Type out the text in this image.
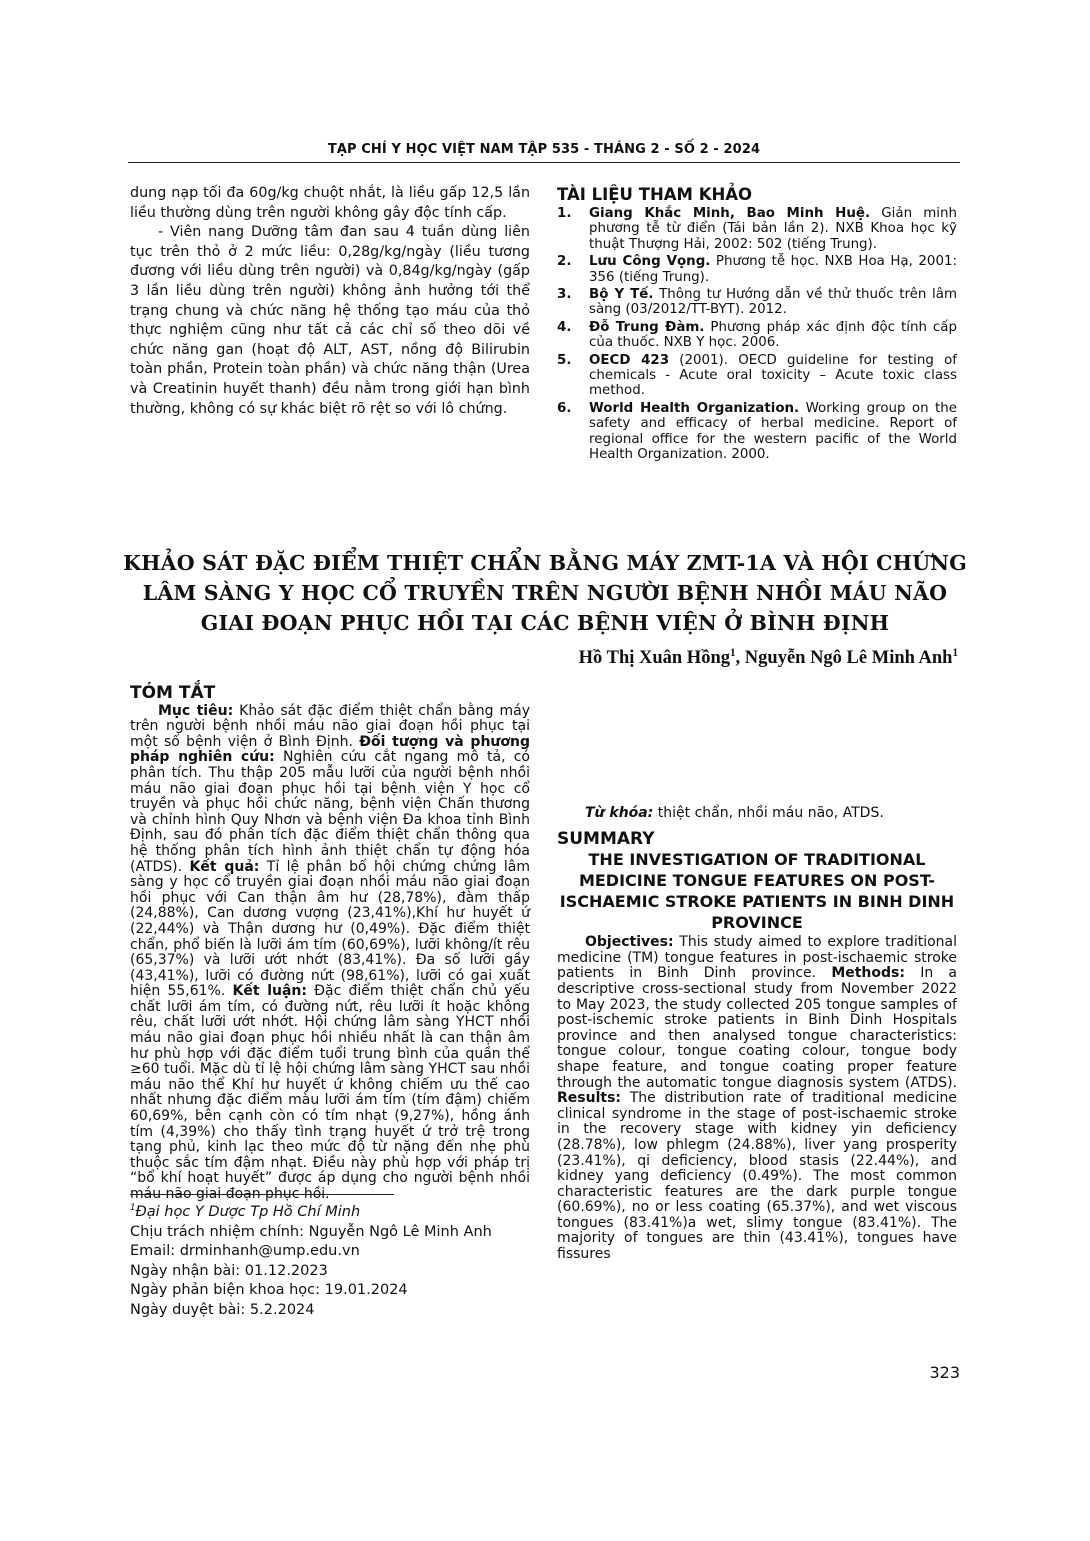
TẠP CHÍ Y HỌC VIỆT NAM TẬP 535 - THÁNG 2 - SỐ 2 - 2024

dung nạp tối đa 60g/kg chuột nhắt, là liều gấp 12,5 lần liều thường dùng trên người không gây độc tính cấp.

- Viên nang Dưỡng tâm đan sau 4 tuần dùng liên tục trên thỏ ở 2 mức liều: 0,28g/kg/ngày (liều tương đương với liều dùng trên người) và 0,84g/kg/ngày (gấp 3 lần liều dùng trên người) không ảnh hưởng tới thể trạng chung và chức năng hệ thống tạo máu của thỏ thực nghiệm cũng như tất cả các chỉ số theo dõi về chức năng gan (hoạt độ ALT, AST, nồng độ Bilirubin toàn phần, Protein toàn phần) và chức năng thận (Urea và Creatinin huyết thanh) đều nằm trong giới hạn bình thường, không có sự khác biệt rõ rệt so với lô chứng.

TÀI LIỆU THAM KHẢO
1.	Giang Khắc Minh, Bao Minh Huệ. Giản minh phương tễ từ điển (Tái bản lần 2). NXB Khoa học kỹ thuật Thượng Hải, 2002: 502 (tiếng Trung).
2.	Lưu Công Vọng. Phương tễ học. NXB Hoa Hạ, 2001: 356 (tiếng Trung).
3.	Bộ Y Tế. Thông tư Hướng dẫn về thử thuốc trên lâm sàng (03/2012/TT-BYT). 2012.
4.	Đỗ Trung Đàm. Phương pháp xác định độc tính cấp của thuốc. NXB Y học. 2006.
5.	OECD 423 (2001). OECD guideline for testing of chemicals - Acute oral toxicity – Acute toxic class method.
6.	World Health Organization. Working group on the safety and efficacy of herbal medicine. Report of regional office for the western pacific of the World Health Organization. 2000.
KHẢO SÁT ĐẶC ĐIỂM THIỆT CHẨN BẰNG MÁY ZMT-1A VÀ HỘI CHỨNG
LÂM SÀNG Y HỌC CỔ TRUYỀN TRÊN NGƯỜI BỆNH NHỒI MÁU NÃO
GIAI ĐOẠN PHỤC HỒI TẠI CÁC BỆNH VIỆN Ở BÌNH ĐỊNH
Hồ Thị Xuân Hồng$^1$, Nguyễn Ngô Lê Minh Anh$^1$
TÓM TẮT

Mục tiêu: Khảo sát đặc điểm thiệt chẩn bằng máy trên người bệnh nhồi máu não giai đoạn hồi phục tại một số bệnh viện ở Bình Định. Đối tượng và phương pháp nghiên cứu: Nghiên cứu cắt ngang mô tả, có phân tích. Thu thập 205 mẫu lưỡi của người bệnh nhồi máu não giai đoạn phục hồi tại bệnh viện Y học cổ truyền và phục hồi chức năng, bệnh viện Chấn thương và chỉnh hình Quy Nhơn và bệnh viện Đa khoa tỉnh Bình Định, sau đó phân tích đặc điểm thiệt chẩn thông qua hệ thống phân tích hình ảnh thiệt chẩn tự động hóa (ATDS). Kết quả: Tỉ lệ phân bố hội chứng chứng lâm sàng y học cổ truyền giai đoạn nhồi máu não giai đoạn hồi phục với Can thận âm hư (28,78%), đàm thấp (24,88%), Can dương vượng (23,41%),Khí hư huyết ứ (22,44%) và Thận dương hư (0,49%). Đặc điểm thiệt chẩn, phổ biến là lưỡi ám tím (60,69%), lưỡi không/ít rêu (65,37%) và lưỡi ướt nhớt (83,41%). Đa số lưỡi gầy (43,41%), lưỡi có đường nứt (98,61%), lưỡi có gai xuất hiện 55,61%. Kết luận: Đặc điểm thiệt chẩn chủ yếu chất lưỡi ám tím, có đường nứt, rêu lưỡi ít hoặc không rêu, chất lưỡi ướt nhớt. Hội chứng lâm sàng YHCT nhồi máu não giai đoạn phục hồi nhiều nhất là can thận âm hư phù hợp với đặc điểm tuổi trung bình của quần thể ≥60 tuổi. Mặc dù tỉ lệ hội chứng lâm sàng YHCT sau nhồi máu não thể Khí hư huyết ứ không chiếm ưu thế cao nhất nhưng đặc điểm màu lưỡi ám tím (tím đậm) chiếm 60,69%, bên cạnh còn có tím nhạt (9,27%), hồng ánh tím (4,39%) cho thấy tình trạng huyết ứ trở trệ trong tạng phủ, kinh lạc theo mức độ từ nặng đến nhẹ phù thuộc sắc tím đậm nhạt. Điều này phù hợp với pháp trị “bổ khí hoạt huyết” được áp dụng cho người bệnh nhồi máu não giai đoạn phục hồi.

$^1$Đại học Y Dược Tp Hồ Chí Minh
Chịu trách nhiệm chính: Nguyễn Ngô Lê Minh Anh
Email: drminhanh@ump.edu.vn
Ngày nhận bài: 01.12.2023
Ngày phản biện khoa học: 19.01.2024
Ngày duyệt bài: 5.2.2024

Từ khóa: thiệt chẩn, nhồi máu não, ATDS.

SUMMARY
THE INVESTIGATION OF TRADITIONAL MEDICINE TONGUE FEATURES ON POST-ISCHAEMIC STROKE PATIENTS IN BINH DINH PROVINCE

Objectives: This study aimed to explore traditional medicine (TM) tongue features in post-ischaemic stroke patients in Binh Dinh province. Methods: In a descriptive cross-sectional study from November 2022 to May 2023, the study collected 205 tongue samples of post-ischemic stroke patients in Binh Dinh Hospitals province and then analysed tongue characteristics: tongue colour, tongue coating colour, tongue body shape feature, and tongue coating proper feature through the automatic tongue diagnosis system (ATDS). Results: The distribution rate of traditional medicine clinical syndrome in the stage of post-ischaemic stroke in the recovery stage with kidney yin deficiency (28.78%), low phlegm (24.88%), liver yang prosperity (23.41%), qi deficiency, blood stasis (22.44%), and kidney yang deficiency (0.49%). The most common characteristic features are the dark purple tongue (60.69%), no or less coating (65.37%), and wet viscous tongues (83.41%)a wet, slimy tongue (83.41%). The majority of tongues are thin (43.41%), tongues have fissures

323
